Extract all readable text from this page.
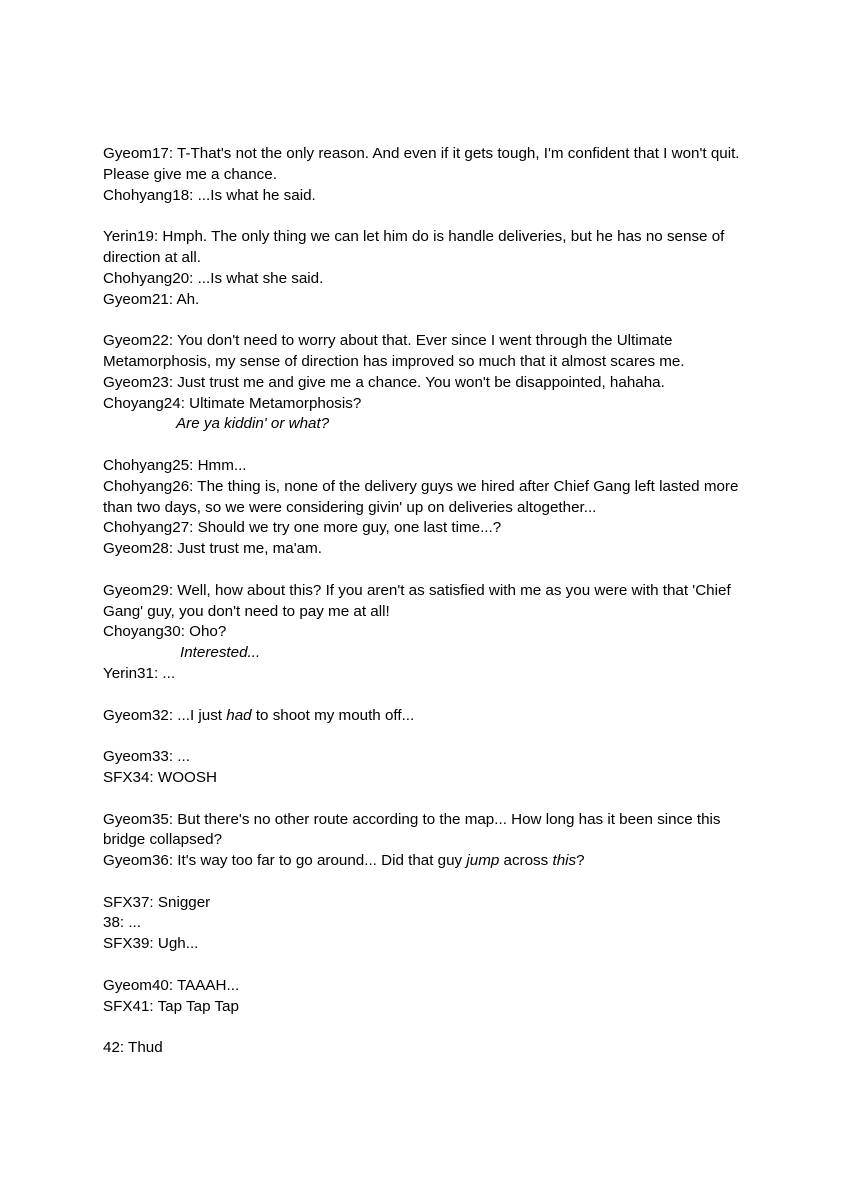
Gyeom17: T-That's not the only reason. And even if it gets tough, I'm confident that I won't quit. Please give me a chance.
Chohyang18: ...Is what he said.
Yerin19: Hmph. The only thing we can let him do is handle deliveries, but he has no sense of direction at all.
Chohyang20: ...Is what she said.
Gyeom21: Ah.
Gyeom22: You don't need to worry about that. Ever since I went through the Ultimate Metamorphosis, my sense of direction has improved so much that it almost scares me.
Gyeom23: Just trust me and give me a chance. You won't be disappointed, hahaha.
Choyang24: Ultimate Metamorphosis?
Are ya kiddin' or what?
Chohyang25: Hmm...
Chohyang26: The thing is, none of the delivery guys we hired after Chief Gang left lasted more than two days, so we were considering givin' up on deliveries altogether...
Chohyang27: Should we try one more guy, one last time...?
Gyeom28: Just trust me, ma'am.
Gyeom29: Well, how about this? If you aren't as satisfied with me as you were with that 'Chief Gang' guy, you don't need to pay me at all!
Choyang30: Oho?
Interested...
Yerin31: ...
Gyeom32: ...I just had to shoot my mouth off...
Gyeom33: ...
SFX34: WOOSH
Gyeom35: But there's no other route according to the map... How long has it been since this bridge collapsed?
Gyeom36: It's way too far to go around... Did that guy jump across this?
SFX37: Snigger
38: ...
SFX39: Ugh...
Gyeom40: TAAAH...
SFX41: Tap Tap Tap
42: Thud
